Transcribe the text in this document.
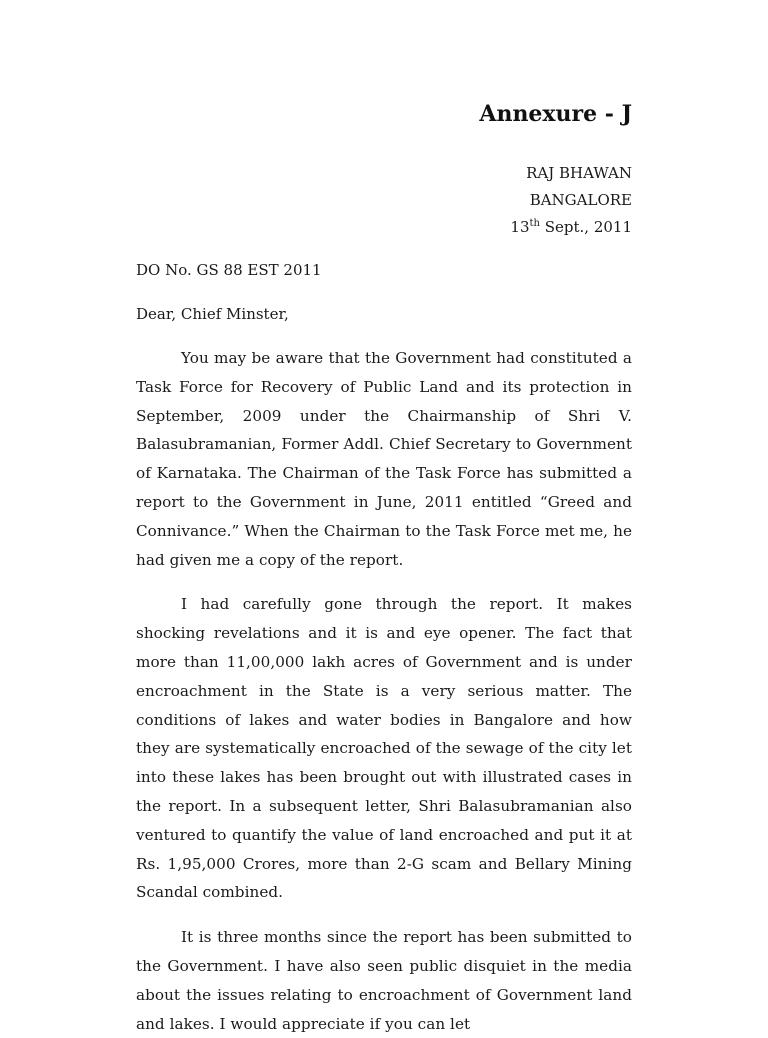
Annexure - J
RAJ BHAWAN
BANGALORE
13th Sept., 2011
DO No. GS 88 EST 2011
Dear, Chief Minster,

You may be aware that the Government had constituted a Task Force for Recovery of Public Land and its protection in September, 2009 under the Chairmanship of Shri V. Balasubramanian, Former Addl. Chief Secretary to Government of Karnataka. The Chairman of the Task Force has submitted a report to the Government in June, 2011 entitled “Greed and Connivance.” When the Chairman to the Task Force met me, he had given me a copy of the report.

I had carefully gone through the report. It makes shocking revelations and it is and eye opener. The fact that more than 11,00,000 lakh acres of Government and is under encroachment in the State is a very serious matter. The conditions of lakes and water bodies in Bangalore and how they are systematically encroached of the sewage of the city let into these lakes has been brought out with illustrated cases in the report. In a subsequent letter, Shri Balasubramanian also ventured to quantify the value of land encroached and put it at Rs. 1,95,000 Crores, more than 2-G scam and Bellary Mining Scandal combined.

It is three months since the report has been submitted to the Government. I have also seen public disquiet in the media about the issues relating to encroachment of Government land and lakes. I would appreciate if you can let
